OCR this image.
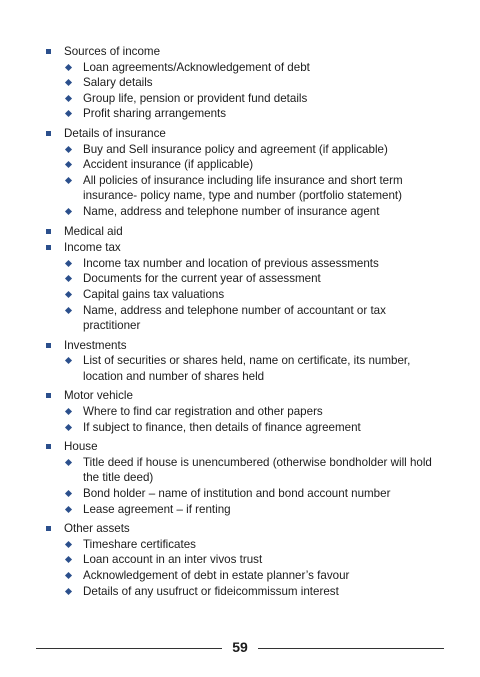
Sources of income
Loan agreements/Acknowledgement of debt
Salary details
Group life, pension or provident fund details
Profit sharing arrangements
Details of insurance
Buy and Sell insurance policy and agreement (if applicable)
Accident insurance (if applicable)
All policies of insurance including life insurance and short term insurance- policy name, type and number (portfolio statement)
Name, address and telephone number of insurance agent
Medical aid
Income tax
Income tax number and location of previous assessments
Documents for the current year of assessment
Capital gains tax valuations
Name, address and telephone number of accountant or tax practitioner
Investments
List of securities or shares held, name on certificate, its number, location and number of shares held
Motor vehicle
Where to find car registration and other papers
If subject to finance, then details of finance agreement
House
Title deed if house is unencumbered (otherwise bondholder will hold the title deed)
Bond holder – name of institution and bond account number
Lease agreement – if renting
Other assets
Timeshare certificates
Loan account in an inter vivos trust
Acknowledgement of debt in estate planner’s favour
Details of any usufruct or fideicommissum interest
59
